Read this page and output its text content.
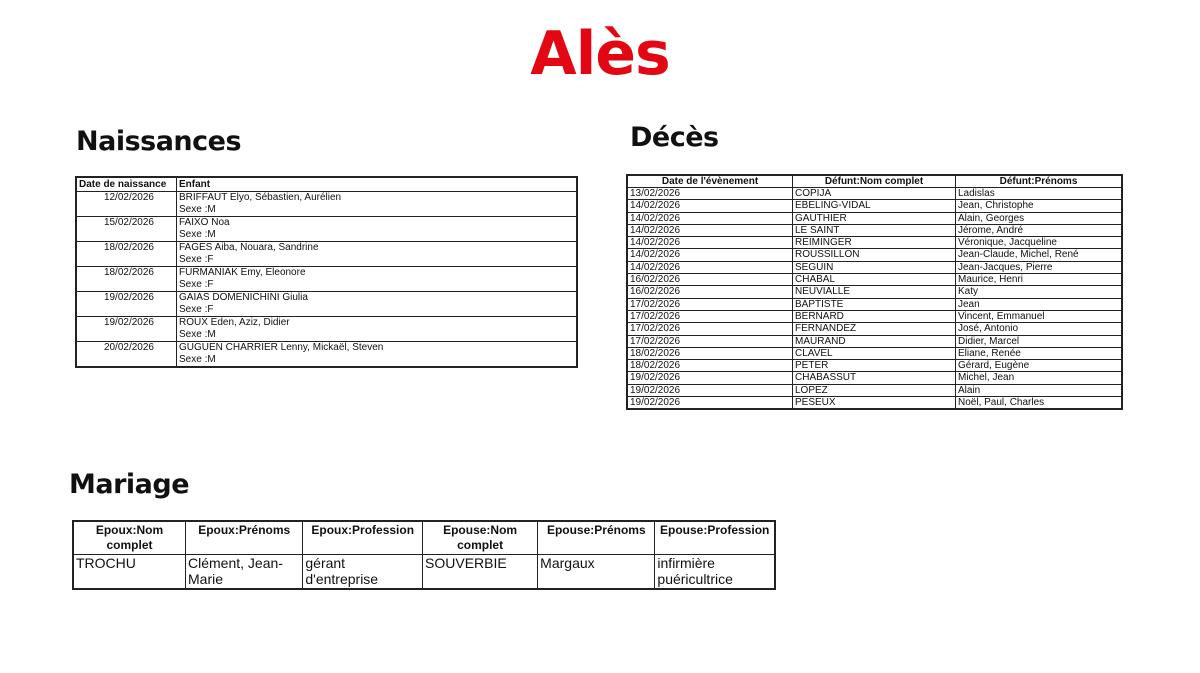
Alès
Naissances	Décès
Mariage
Date de naissance	Enfant
12/02/2026	BRIFFAUT Elyo, Sébastien, Aurélien
	Sexe :M
15/02/2026	FAIXO Noa
	Sexe :M
18/02/2026	FAGES Aiba, Nouara, Sandrine
	Sexe :F
18/02/2026	FURMANIAK Emy, Eleonore
	Sexe :F
19/02/2026	GAIAS DOMENICHINI Giulia
	Sexe :F
19/02/2026	ROUX Eden, Aziz, Didier
	Sexe :M
20/02/2026	GUGUEN CHARRIER Lenny, Mickaël, Steven
	Sexe :M
Date de l'évènement	Défunt:Nom complet	Défunt:Prénoms
13/02/2026	COPIJA	Ladislas
14/02/2026	EBELING-VIDAL	Jean, Christophe
14/02/2026	GAUTHIER	Alain, Georges
14/02/2026	LE SAINT	Jérome, André
14/02/2026	REIMINGER	Véronique, Jacqueline
14/02/2026	ROUSSILLON	Jean-Claude, Michel, René
14/02/2026	SEGUIN	Jean-Jacques, Pierre
16/02/2026	CHABAL	Maurice, Henri
16/02/2026	NEUVIALLE	Katy
17/02/2026	BAPTISTE	Jean
17/02/2026	BERNARD	Vincent, Emmanuel
17/02/2026	FERNANDEZ	José, Antonio
17/02/2026	MAURAND	Didier, Marcel
18/02/2026	CLAVEL	Eliane, Renée
18/02/2026	PETER	Gérard, Eugène
19/02/2026	CHABASSUT	Michel, Jean
19/02/2026	LOPEZ	Alain
19/02/2026	PESEUX	Noël, Paul, Charles
Epoux:Nom complet	Epoux:Prénoms	Epoux:Profession	Epouse:Nom complet	Epouse:Prénoms	Epouse:Profession
TROCHU	Clément, Jean-Marie	gérant d'entreprise	SOUVERBIE	Margaux	infirmière puéricultrice
